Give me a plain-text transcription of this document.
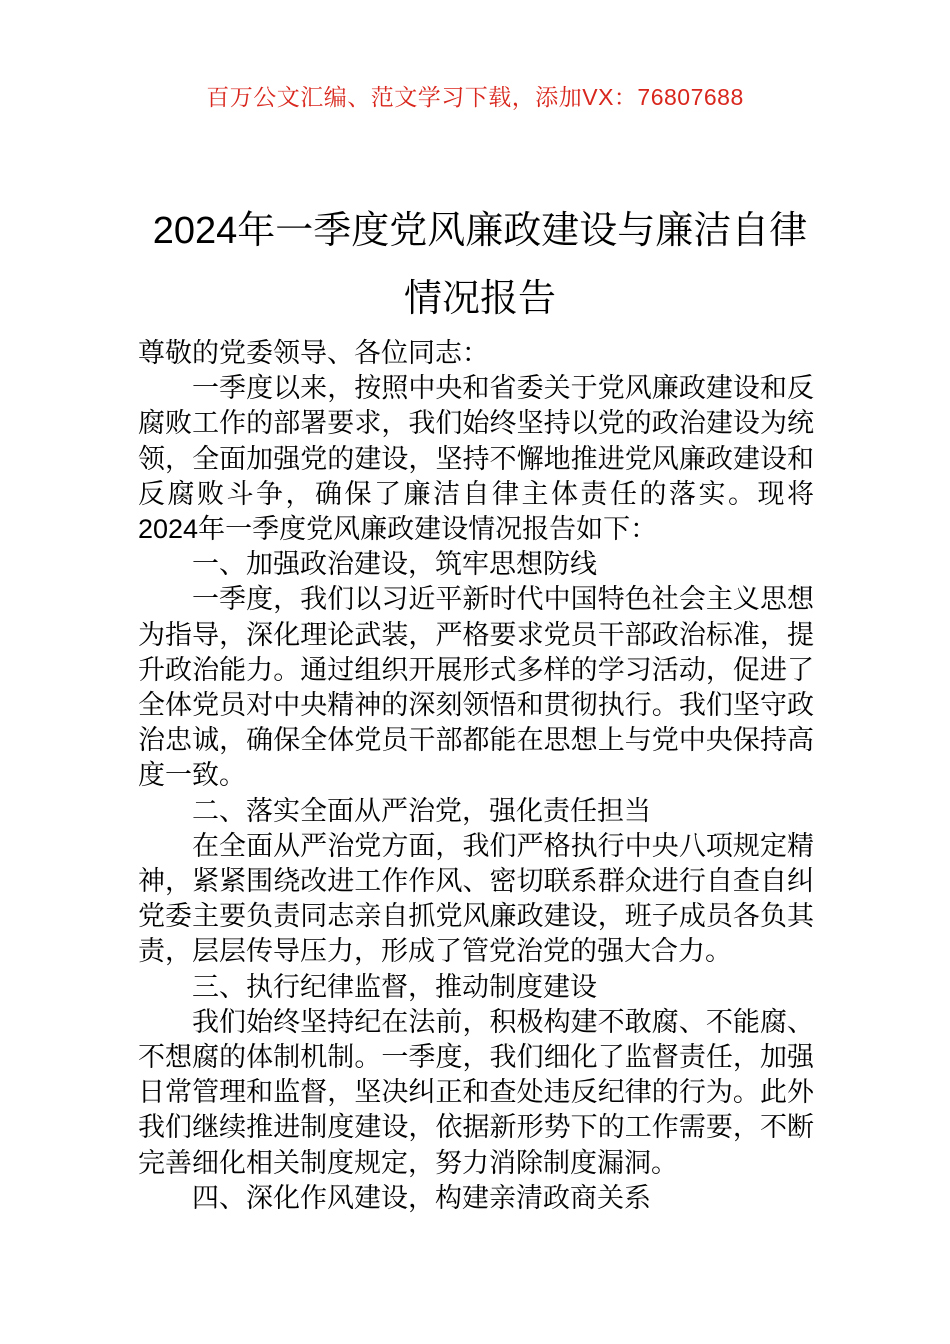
百万公文汇编、范文学习下载，添加VX：76807688
2024年一季度党风廉政建设与廉洁自律情况报告

尊敬的党委领导、各位同志：

一季度以来，按照中央和省委关于党风廉政建设和反腐败工作的部署要求，我们始终坚持以党的政治建设为统领，全面加强党的建设，坚持不懈地推进党风廉政建设和反腐败斗争，确保了廉洁自律主体责任的落实。现将2024年一季度党风廉政建设情况报告如下：

一、加强政治建设，筑牢思想防线

一季度，我们以习近平新时代中国特色社会主义思想为指导，深化理论武装，严格要求党员干部政治标准，提升政治能力。通过组织开展形式多样的学习活动，促进了全体党员对中央精神的深刻领悟和贯彻执行。我们坚守政治忠诚，确保全体党员干部都能在思想上与党中央保持高度一致。

二、落实全面从严治党，强化责任担当

在全面从严治党方面，我们严格执行中央八项规定精神，紧紧围绕改进工作作风、密切联系群众进行自查自纠党委主要负责同志亲自抓党风廉政建设，班子成员各负其责，层层传导压力，形成了管党治党的强大合力。

三、执行纪律监督，推动制度建设

我们始终坚持纪在法前，积极构建不敢腐、不能腐、不想腐的体制机制。一季度，我们细化了监督责任，加强日常管理和监督，坚决纠正和查处违反纪律的行为。此外我们继续推进制度建设，依据新形势下的工作需要，不断完善细化相关制度规定，努力消除制度漏洞。

四、深化作风建设，构建亲清政商关系
